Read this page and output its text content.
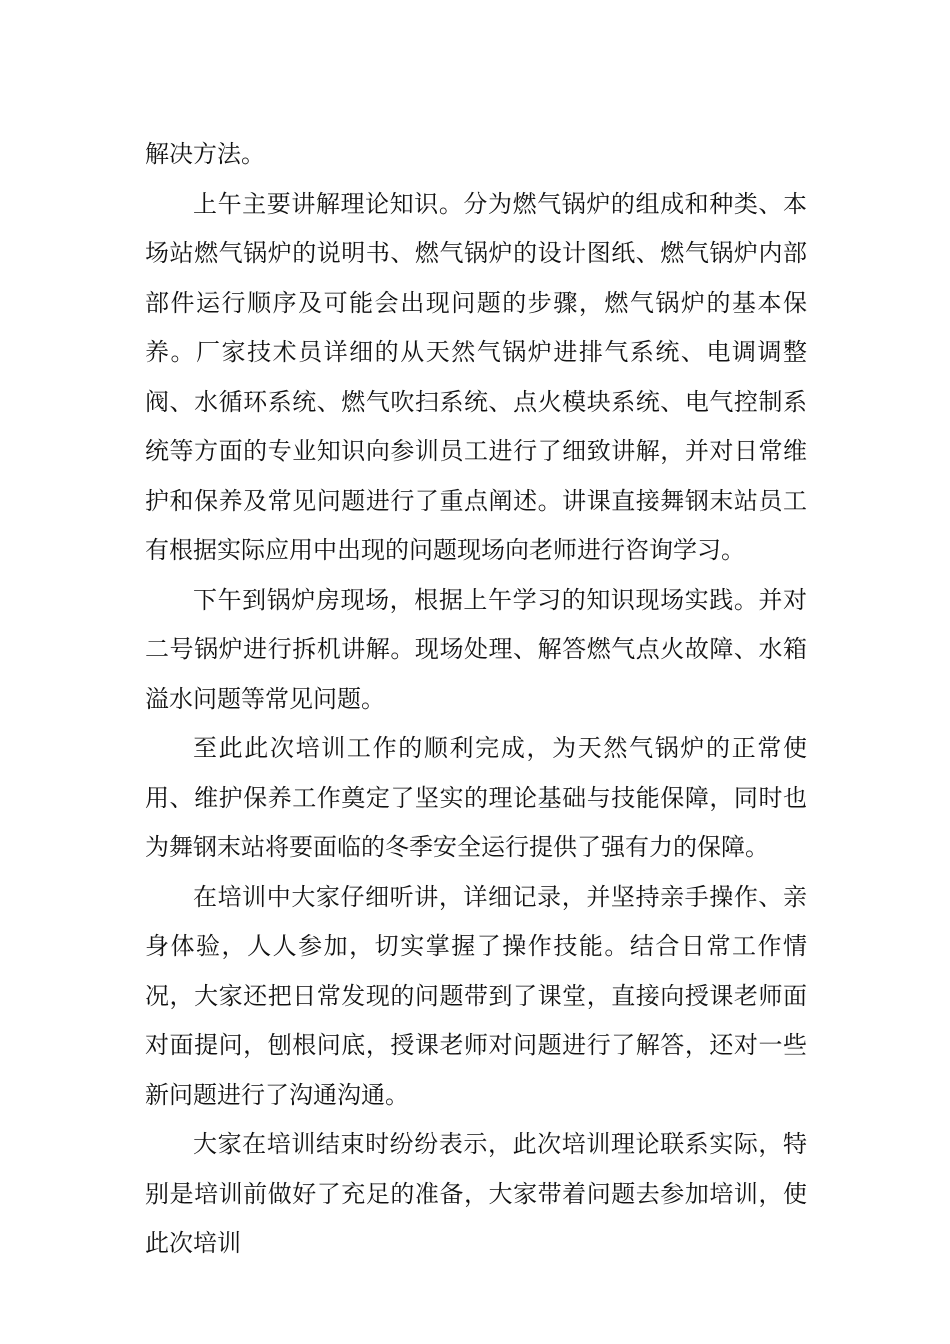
解决方法。

上午主要讲解理论知识。分为燃气锅炉的组成和种类、本场站燃气锅炉的说明书、燃气锅炉的设计图纸、燃气锅炉内部部件运行顺序及可能会出现问题的步骤，燃气锅炉的基本保养。厂家技术员详细的从天然气锅炉进排气系统、电调调整阀、水循环系统、燃气吹扫系统、点火模块系统、电气控制系统等方面的专业知识向参训员工进行了细致讲解，并对日常维护和保养及常见问题进行了重点阐述。讲课直接舞钢末站员工有根据实际应用中出现的问题现场向老师进行咨询学习。

下午到锅炉房现场，根据上午学习的知识现场实践。并对二号锅炉进行拆机讲解。现场处理、解答燃气点火故障、水箱溢水问题等常见问题。

至此此次培训工作的顺利完成，为天然气锅炉的正常使用、维护保养工作奠定了坚实的理论基础与技能保障，同时也为舞钢末站将要面临的冬季安全运行提供了强有力的保障。

在培训中大家仔细听讲，详细记录，并坚持亲手操作、亲身体验，人人参加，切实掌握了操作技能。结合日常工作情况，大家还把日常发现的问题带到了课堂，直接向授课老师面对面提问，刨根问底，授课老师对问题进行了解答，还对一些新问题进行了沟通沟通。

大家在培训结束时纷纷表示，此次培训理论联系实际，特别是培训前做好了充足的准备，大家带着问题去参加培训，使此次培训
